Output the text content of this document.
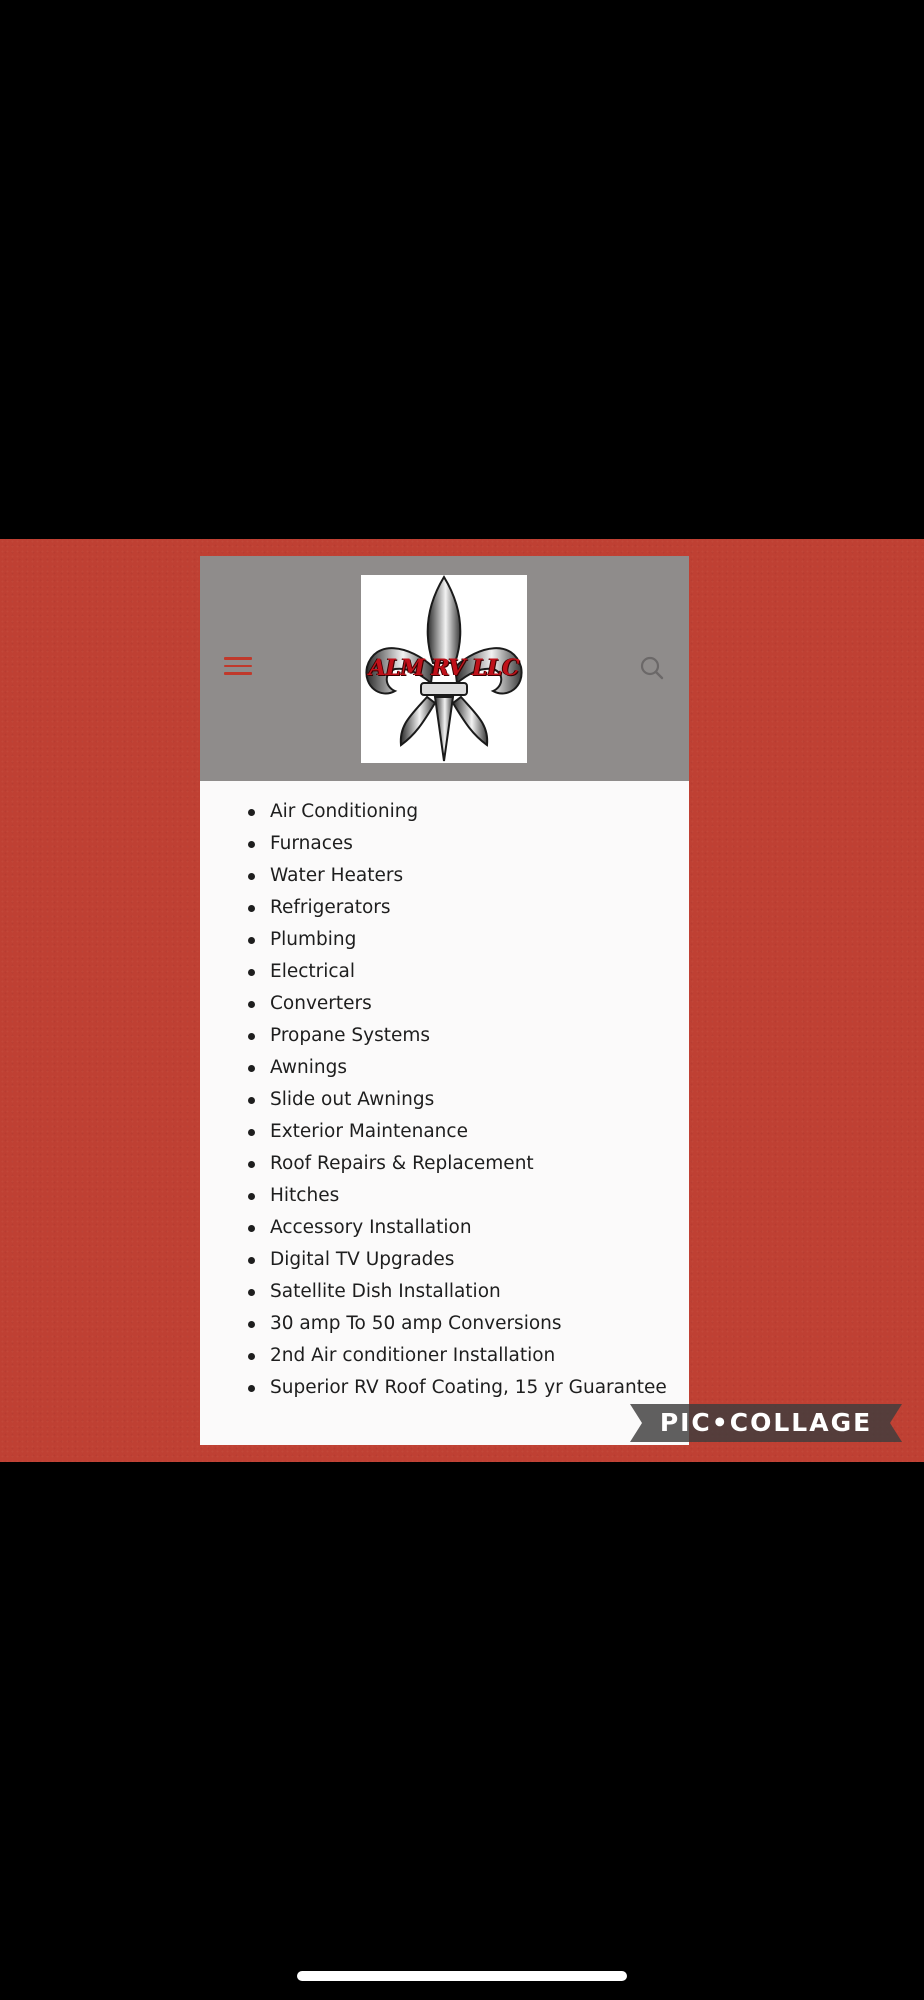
ALM RV LLC
Air Conditioning
Furnaces
Water Heaters
Refrigerators
Plumbing
Electrical
Converters
Propane Systems
Awnings
Slide out Awnings
Exterior Maintenance
Roof Repairs & Replacement
Hitches
Accessory Installation
Digital TV Upgrades
Satellite Dish Installation
30 amp To 50 amp Conversions
2nd Air conditioner Installation
Superior RV Roof Coating, 15 yr Guarantee
PIC•COLLAGE
